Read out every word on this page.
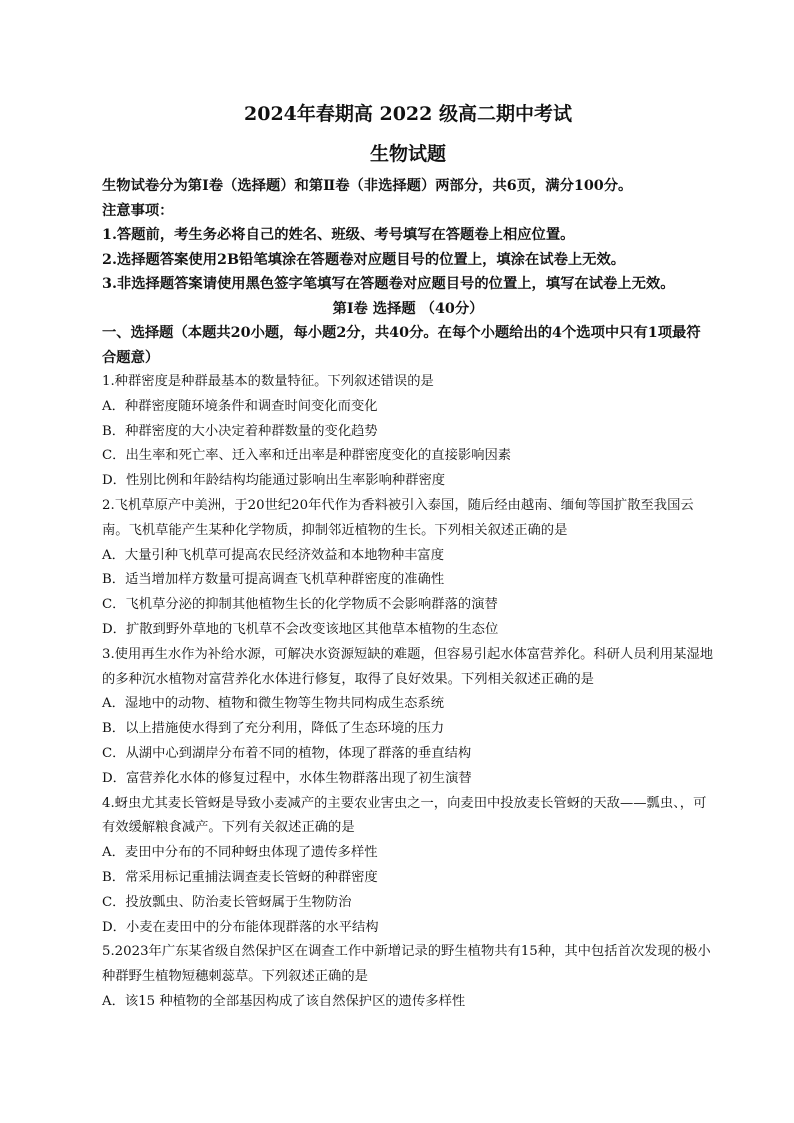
2024年春期高 2022 级高二期中考试
生物试题

生物试卷分为第Ⅰ卷（选择题）和第Ⅱ卷（非选择题）两部分，共6页，满分100分。

注意事项：

1.答题前，考生务必将自己的姓名、班级、考号填写在答题卷上相应位置。

2.选择题答案使用2B铅笔填涂在答题卷对应题目号的位置上，填涂在试卷上无效。

3.非选择题答案请使用黑色签字笔填写在答题卷对应题目号的位置上，填写在试卷上无效。

第Ⅰ卷 选择题 （40分）

一、选择题（本题共20小题，每小题2分，共40分。在每个小题给出的4个选项中只有1项最符合题意）

1.种群密度是种群最基本的数量特征。下列叙述错误的是

A．种群密度随环境条件和调查时间变化而变化

B．种群密度的大小决定着种群数量的变化趋势

C．出生率和死亡率、迁入率和迁出率是种群密度变化的直接影响因素

D．性别比例和年龄结构均能通过影响出生率影响种群密度

2.飞机草原产中美洲，于20世纪20年代作为香料被引入泰国，随后经由越南、缅甸等国扩散至我国云南。飞机草能产生某种化学物质，抑制邻近植物的生长。下列相关叙述正确的是

A．大量引种飞机草可提高农民经济效益和本地物种丰富度

B．适当增加样方数量可提高调查飞机草种群密度的准确性

C．飞机草分泌的抑制其他植物生长的化学物质不会影响群落的演替

D．扩散到野外草地的飞机草不会改变该地区其他草本植物的生态位

3.使用再生水作为补给水源，可解决水资源短缺的难题，但容易引起水体富营养化。科研人员利用某湿地的多种沉水植物对富营养化水体进行修复，取得了良好效果。下列相关叙述正确的是

A．湿地中的动物、植物和微生物等生物共同构成生态系统

B．以上措施使水得到了充分利用，降低了生态环境的压力

C．从湖中心到湖岸分布着不同的植物，体现了群落的垂直结构

D．富营养化水体的修复过程中，水体生物群落出现了初生演替

4.蚜虫尤其麦长管蚜是导致小麦减产的主要农业害虫之一，向麦田中投放麦长管蚜的天敌——瓢虫、，可有效缓解粮食减产。下列有关叙述正确的是

A．麦田中分布的不同种蚜虫体现了遗传多样性

B．常采用标记重捕法调查麦长管蚜的种群密度

C．投放瓢虫、防治麦长管蚜属于生物防治

D．小麦在麦田中的分布能体现群落的水平结构

5.2023年广东某省级自然保护区在调查工作中新增记录的野生植物共有15种，其中包括首次发现的极小种群野生植物短穗刺蕊草。下列叙述正确的是

A．该15 种植物的全部基因构成了该自然保护区的遗传多样性
